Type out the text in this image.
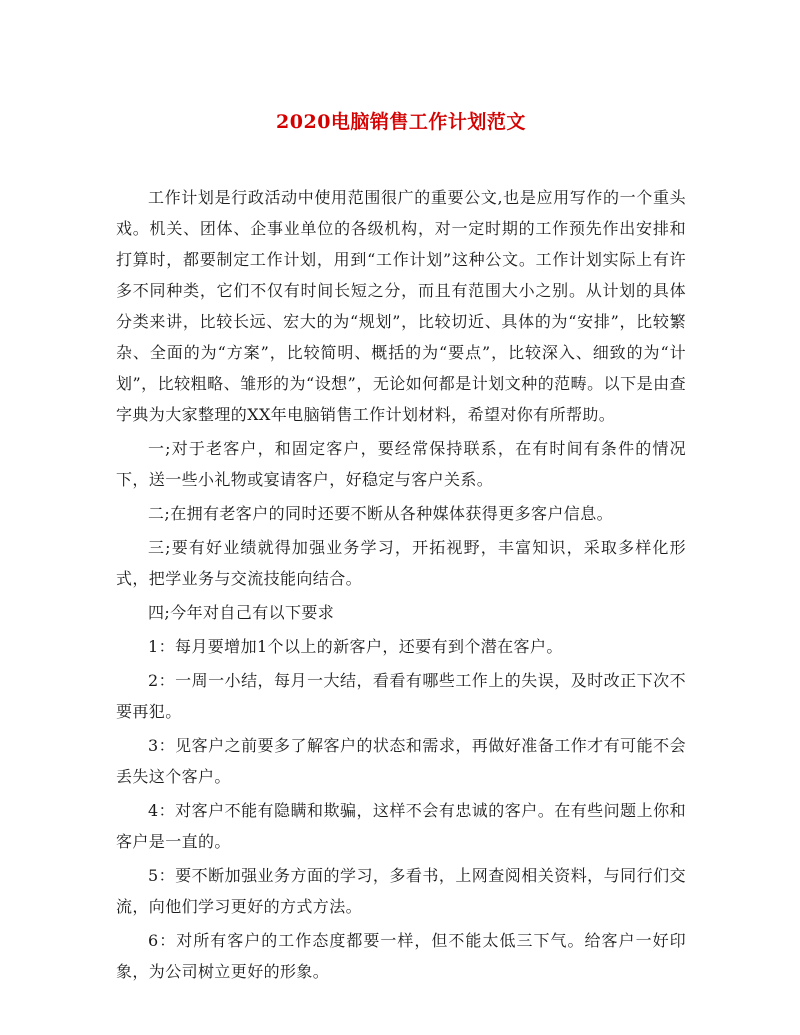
2020电脑销售工作计划范文

工作计划是行政活动中使用范围很广的重要公文,也是应用写作的一个重头戏。机关、团体、企事业单位的各级机构，对一定时期的工作预先作出安排和打算时，都要制定工作计划，用到“工作计划”这种公文。工作计划实际上有许多不同种类，它们不仅有时间长短之分，而且有范围大小之别。从计划的具体分类来讲，比较长远、宏大的为“规划”，比较切近、具体的为“安排”，比较繁杂、全面的为“方案”，比较简明、概括的为“要点”，比较深入、细致的为“计划”，比较粗略、雏形的为“设想”，无论如何都是计划文种的范畴。以下是由查字典为大家整理的XX年电脑销售工作计划材料，希望对你有所帮助。

一;对于老客户，和固定客户，要经常保持联系，在有时间有条件的情况下，送一些小礼物或宴请客户，好稳定与客户关系。

二;在拥有老客户的同时还要不断从各种媒体获得更多客户信息。

三;要有好业绩就得加强业务学习，开拓视野，丰富知识，采取多样化形式，把学业务与交流技能向结合。

四;今年对自己有以下要求

1：每月要增加1个以上的新客户，还要有到个潜在客户。

2：一周一小结，每月一大结，看看有哪些工作上的失误，及时改正下次不要再犯。

3：见客户之前要多了解客户的状态和需求，再做好准备工作才有可能不会丢失这个客户。

4：对客户不能有隐瞒和欺骗，这样不会有忠诚的客户。在有些问题上你和客户是一直的。

5：要不断加强业务方面的学习，多看书，上网查阅相关资料，与同行们交流，向他们学习更好的方式方法。

6：对所有客户的工作态度都要一样，但不能太低三下气。给客户一好印象，为公司树立更好的形象。
